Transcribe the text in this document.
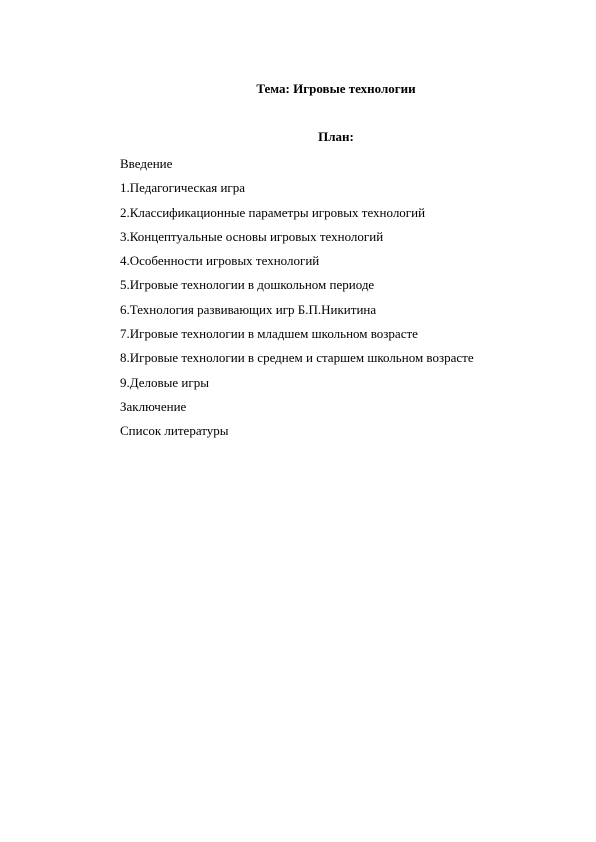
Тема: Игровые технологии
План:
Введение
1.Педагогическая игра
2.Классификационные параметры игровых технологий
3.Концептуальные основы игровых технологий
4.Особенности игровых технологий
5.Игровые технологии в дошкольном периоде
6.Технология развивающих игр Б.П.Никитина
7.Игровые технологии в младшем школьном возрасте
8.Игровые технологии в среднем и старшем школьном возрасте
9.Деловые игры
Заключение
Список литературы
